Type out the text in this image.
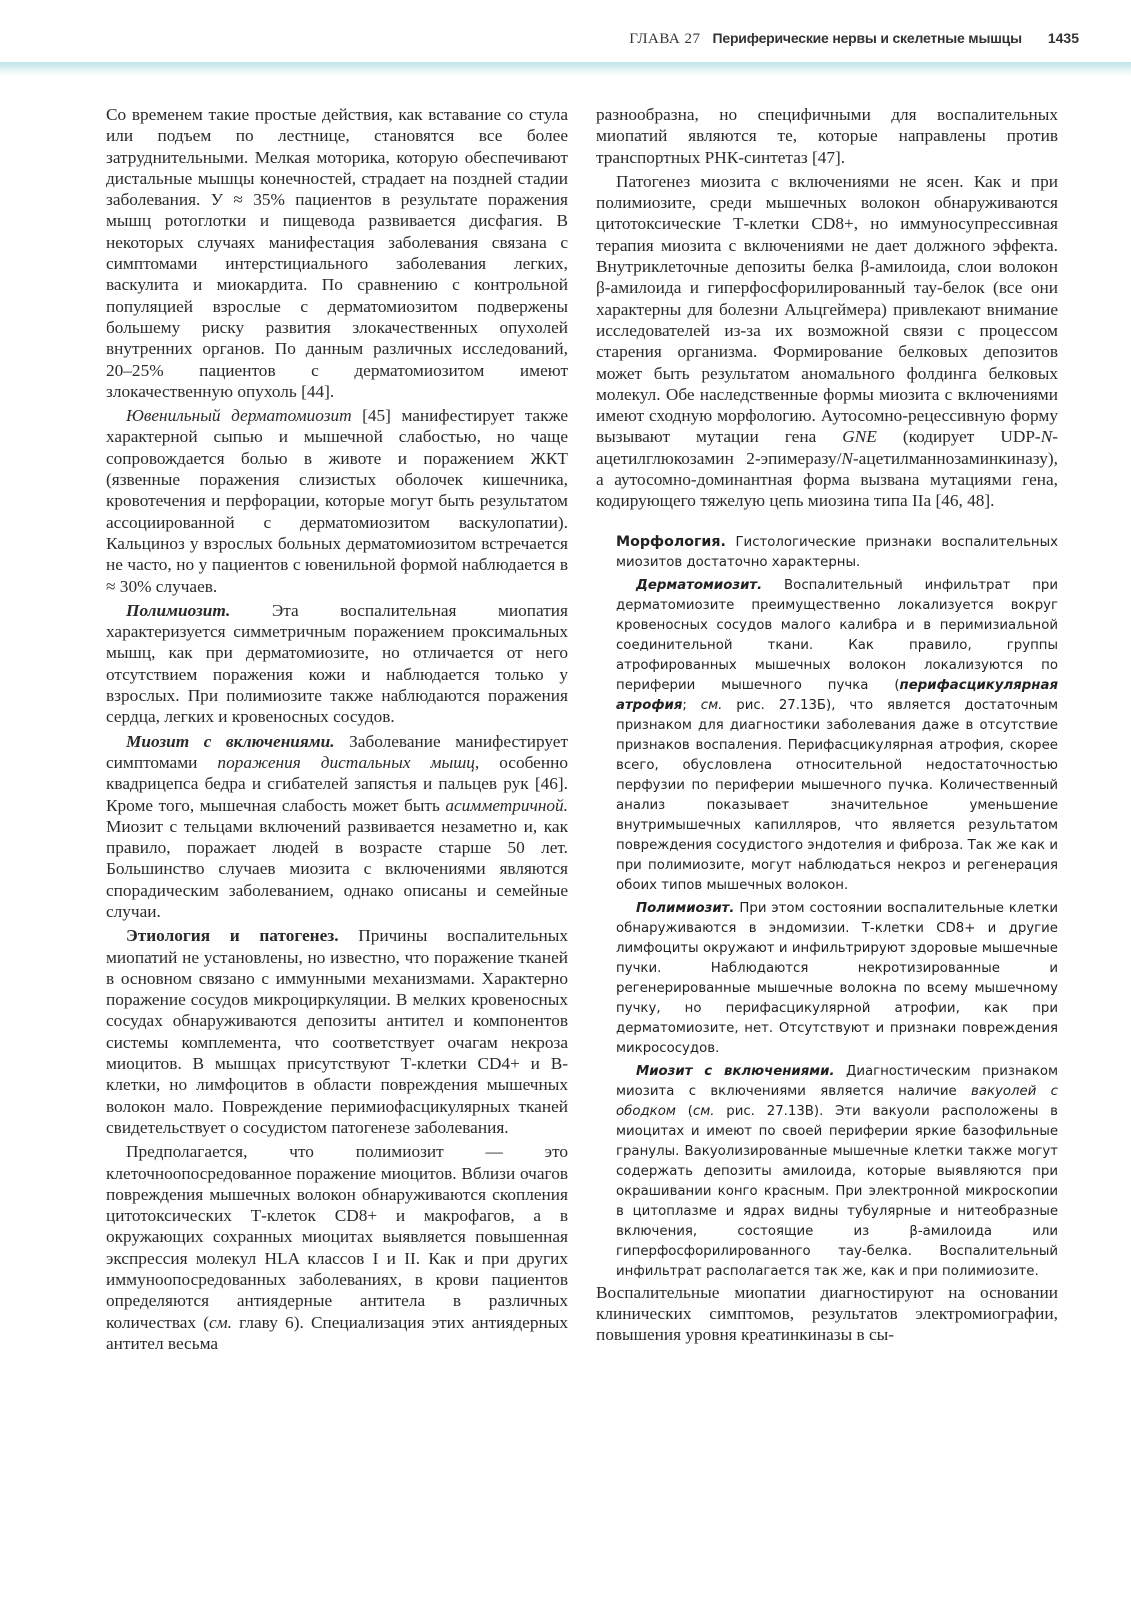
ГЛАВА 27 Периферические нервы и скелетные мышцы 1435

Со временем такие простые действия, как вставание со стула или подъем по лестнице, становятся все более затруднительными. Мелкая моторика, которую обеспечивают дистальные мышцы конечностей, страдает на поздней стадии заболевания. У ≈ 35% пациентов в результате поражения мышц ротоглотки и пищевода развивается дисфагия. В некоторых случаях манифестация заболевания связана с симптомами интерстициального заболевания легких, васкулита и миокардита. По сравнению с контрольной популяцией взрослые с дерматомиозитом подвержены большему риску развития злокачественных опухолей внутренних органов. По данным различных исследований, 20–25% пациентов с дерматомиозитом имеют злокачественную опухоль [44].

Ювенильный дерматомиозит [45] манифестирует также характерной сыпью и мышечной слабостью, но чаще сопровождается болью в животе и поражением ЖКТ (язвенные поражения слизистых оболочек кишечника, кровотечения и перфорации, которые могут быть результатом ассоциированной с дерматомиозитом васкулопатии). Кальциноз у взрослых больных дерматомиозитом встречается не часто, но у пациентов с ювенильной формой наблюдается в ≈ 30% случаев.

Полимиозит. Эта воспалительная миопатия характеризуется симметричным поражением проксимальных мышц, как при дерматомиозите, но отличается от него отсутствием поражения кожи и наблюдается только у взрослых. При полимиозите также наблюдаются поражения сердца, легких и кровеносных сосудов.

Миозит с включениями. Заболевание манифестирует симптомами поражения дистальных мышц, особенно квадрицепса бедра и сгибателей запястья и пальцев рук [46]. Кроме того, мышечная слабость может быть асимметричной. Миозит с тельцами включений развивается незаметно и, как правило, поражает людей в возрасте старше 50 лет. Большинство случаев миозита с включениями являются спорадическим заболеванием, однако описаны и семейные случаи.

Этиология и патогенез. Причины воспалительных миопатий не установлены, но известно, что поражение тканей в основном связано с иммунными механизмами. Характерно поражение сосудов микроциркуляции. В мелких кровеносных сосудах обнаруживаются депозиты антител и компонентов системы комплемента, что соответствует очагам некроза миоцитов. В мышцах присутствуют Т-клетки CD4+ и В-клетки, но лимфоцитов в области повреждения мышечных волокон мало. Повреждение перимиофасцикулярных тканей свидетельствует о сосудистом патогенезе заболевания.

Предполагается, что полимиозит — это клеточноопосредованное поражение миоцитов. Вблизи очагов повреждения мышечных волокон обнаруживаются скопления цитотоксических Т-клеток CD8+ и макрофагов, а в окружающих сохранных миоцитах выявляется повышенная экспрессия молекул HLA классов I и II. Как и при других иммуноопосредованных заболеваниях, в крови пациентов определяются антиядерные антитела в различных количествах (см. главу 6). Специализация этих антиядерных антител весьма

разнообразна, но специфичными для воспалительных миопатий являются те, которые направлены против транспортных РНК-синтетаз [47].

Патогенез миозита с включениями не ясен. Как и при полимиозите, среди мышечных волокон обнаруживаются цитотоксические Т-клетки CD8+, но иммуносупрессивная терапия миозита с включениями не дает должного эффекта. Внутриклеточные депозиты белка β-амилоида, слои волокон β-амилоида и гиперфосфорилированный тау-белок (все они характерны для болезни Альцгеймера) привлекают внимание исследователей из-за их возможной связи с процессом старения организма. Формирование белковых депозитов может быть результатом аномального фолдинга белковых молекул. Обе наследственные формы миозита с включениями имеют сходную морфологию. Аутосомно-рецессивную форму вызывают мутации гена GNE (кодирует UDP-N-ацетилглюкозамин 2-эпимеразу/N-ацетилманнозаминкиназу), а аутосомно-доминантная форма вызвана мутациями гена, кодирующего тяжелую цепь миозина типа IIa [46, 48].

Морфология. Гистологические признаки воспалительных миозитов достаточно характерны.

Дерматомиозит. Воспалительный инфильтрат при дерматомиозите преимущественно локализуется вокруг кровеносных сосудов малого калибра и в перимизиальной соединительной ткани. Как правило, группы атрофированных мышечных волокон локализуются по периферии мышечного пучка (перифасцикулярная атрофия; см. рис. 27.13Б), что является достаточным признаком для диагностики заболевания даже в отсутствие признаков воспаления. Перифасцикулярная атрофия, скорее всего, обусловлена относительной недостаточностью перфузии по периферии мышечного пучка. Количественный анализ показывает значительное уменьшение внутримышечных капилляров, что является результатом повреждения сосудистого эндотелия и фиброза. Так же как и при полимиозите, могут наблюдаться некроз и регенерация обоих типов мышечных волокон.

Полимиозит. При этом состоянии воспалительные клетки обнаруживаются в эндомизии. Т-клетки CD8+ и другие лимфоциты окружают и инфильтрируют здоровые мышечные пучки. Наблюдаются некротизированные и регенерированные мышечные волокна по всему мышечному пучку, но перифасцикулярной атрофии, как при дерматомиозите, нет. Отсутствуют и признаки повреждения микрососудов.

Миозит с включениями. Диагностическим признаком миозита с включениями является наличие вакуолей с ободком (см. рис. 27.13В). Эти вакуоли расположены в миоцитах и имеют по своей периферии яркие базофильные гранулы. Вакуолизированные мышечные клетки также могут содержать депозиты амилоида, которые выявляются при окрашивании конго красным. При электронной микроскопии в цитоплазме и ядрах видны тубулярные и нитеобразные включения, состоящие из β-амилоида или гиперфосфорилированного тау-белка. Воспалительный инфильтрат располагается так же, как и при полимиозите.

Воспалительные миопатии диагностируют на основании клинических симптомов, результатов электромиографии, повышения уровня креатинкиназы в сы-
